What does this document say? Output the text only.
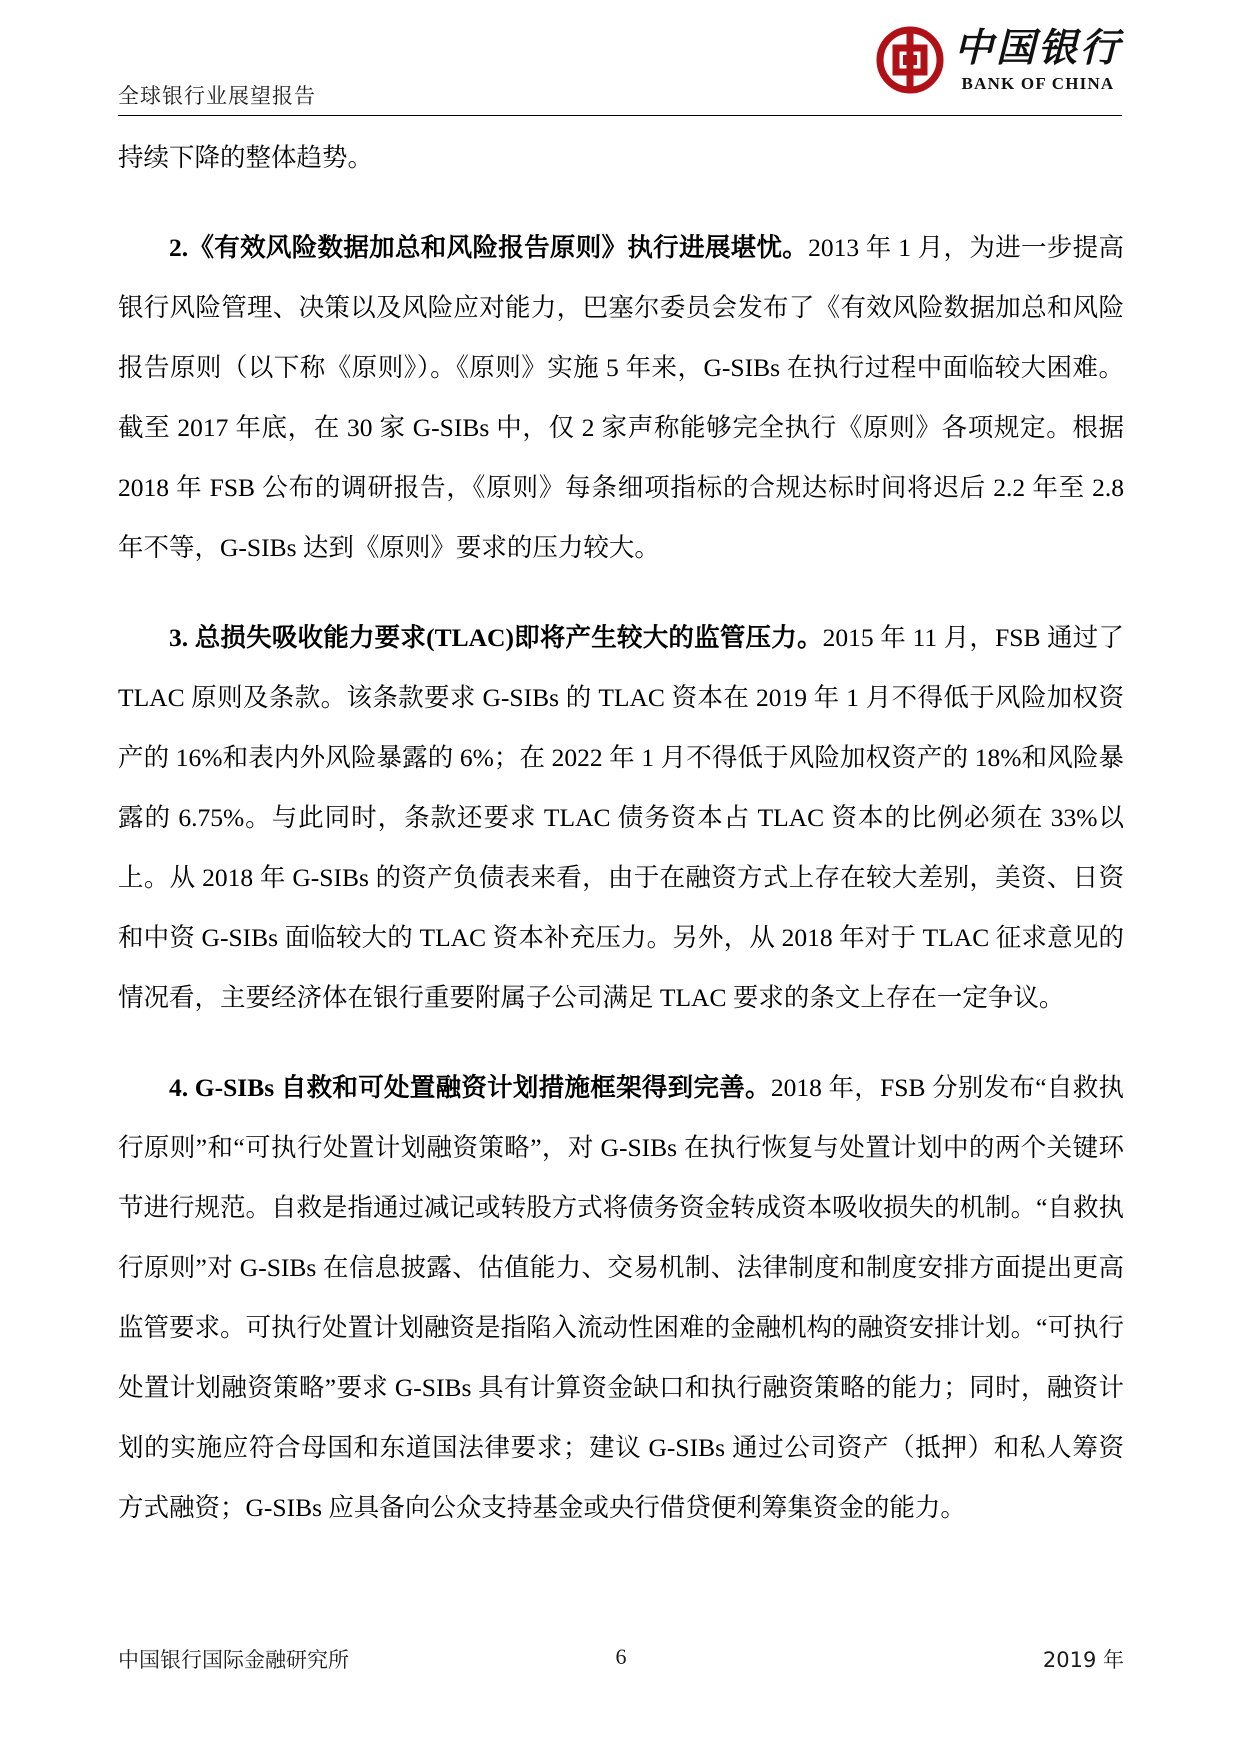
全球银行业展望报告
中国银行
BANK OF CHINA

持续下降的整体趋势。

2.《有效风险数据加总和风险报告原则》执行进展堪忧。2013 年 1 月，为进一步提高银行风险管理、决策以及风险应对能力，巴塞尔委员会发布了《有效风险数据加总和风险报告原则（以下称《原则》）。《原则》实施 5 年来，G-SIBs 在执行过程中面临较大困难。截至 2017 年底，在 30 家 G-SIBs 中，仅 2 家声称能够完全执行《原则》各项规定。根据 2018 年 FSB 公布的调研报告，《原则》每条细项指标的合规达标时间将迟后 2.2 年至 2.8 年不等，G-SIBs 达到《原则》要求的压力较大。

3. 总损失吸收能力要求(TLAC)即将产生较大的监管压力。2015 年 11 月，FSB 通过了 TLAC 原则及条款。该条款要求 G-SIBs 的 TLAC 资本在 2019 年 1 月不得低于风险加权资产的 16%和表内外风险暴露的 6%；在 2022 年 1 月不得低于风险加权资产的 18%和风险暴露的 6.75%。与此同时，条款还要求 TLAC 债务资本占 TLAC 资本的比例必须在 33%以上。从 2018 年 G-SIBs 的资产负债表来看，由于在融资方式上存在较大差别，美资、日资和中资 G-SIBs 面临较大的 TLAC 资本补充压力。另外，从 2018 年对于 TLAC 征求意见的情况看，主要经济体在银行重要附属子公司满足 TLAC 要求的条文上存在一定争议。

4. G-SIBs 自救和可处置融资计划措施框架得到完善。2018 年，FSB 分别发布“自救执行原则”和“可执行处置计划融资策略”，对 G-SIBs 在执行恢复与处置计划中的两个关键环节进行规范。自救是指通过减记或转股方式将债务资金转成资本吸收损失的机制。“自救执行原则”对 G-SIBs 在信息披露、估值能力、交易机制、法律制度和制度安排方面提出更高监管要求。可执行处置计划融资是指陷入流动性困难的金融机构的融资安排计划。“可执行处置计划融资策略”要求 G-SIBs 具有计算资金缺口和执行融资策略的能力；同时，融资计划的实施应符合母国和东道国法律要求；建议 G-SIBs 通过公司资产（抵押）和私人筹资方式融资；G-SIBs 应具备向公众支持基金或央行借贷便利筹集资金的能力。

中国银行国际金融研究所	6	2019 年
